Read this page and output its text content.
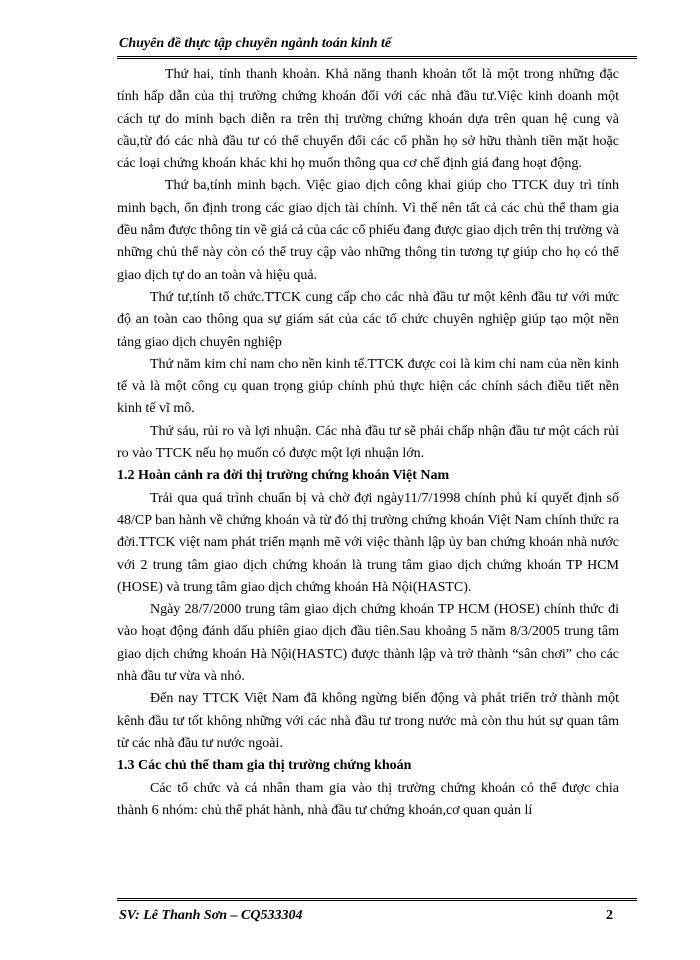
Chuyên đề thực tập chuyên ngành toán kinh tế

Thứ hai, tính thanh khoản. Khả năng thanh khoản tốt là một trong những đặc tính hấp dẫn của thị trường chứng khoán đối với các nhà đầu tư.Việc kinh doanh một cách tự do minh bạch diễn ra trên thị trường chứng khoán dựa trên quan hệ cung và cầu,từ đó các nhà đầu tư có thể chuyển đổi các cổ phần họ sở hữu thành tiền mặt hoặc các loại chứng khoán khác khi họ muốn thông qua cơ chế định giá đang hoạt động.

Thứ ba,tính minh bạch. Việc giao dịch công khai giúp cho TTCK duy trì tính minh bạch, ổn định trong các giao dịch tài chính. Vì thế nên tất cả các chủ thể tham gia đều nắm được thông tin về giá cả của các cổ phiếu đang được giao dịch trên thị trường và những chủ thể này còn có thể truy cập vào những thông tin tương tự giúp cho họ có thể giao dịch tự do an toàn và hiệu quả.

Thứ tư,tính tổ chức.TTCK cung cấp cho các nhà đầu tư một kênh đầu tư với mức độ an toàn cao thông qua sự giám sát của các tổ chức chuyên nghiệp giúp tạo một nền tảng giao dịch chuyên nghiệp

Thứ năm kim chỉ nam cho nền kinh tế.TTCK được coi là kim chỉ nam của nền kinh tế và là một công cụ quan trọng giúp chính phủ thực hiện các chính sách điều tiết nền kinh tế vĩ mô.

Thứ sáu, rủi ro và lợi nhuận. Các nhà đầu tư sẽ phải chấp nhận đầu tư một cách rủi ro vào TTCK nếu họ muốn có được một lợi nhuận lớn.

1.2 Hoàn cảnh ra đời thị trường chứng khoán Việt Nam

Trải qua quá trình chuẩn bị và chờ đợi ngày11/7/1998 chính phủ kí quyết định số 48/CP ban hành về chứng khoán và từ đó thị trường chứng khoán Việt Nam chính thức ra đời.TTCK việt nam phát triển mạnh mẽ với việc thành lập ủy ban chứng khoán nhà nước với 2 trung tâm giao dịch chứng khoán là trung tâm giao dịch chứng khoán TP HCM (HOSE) và trung tâm giao dịch chứng khoán Hà Nội(HASTC).

Ngày 28/7/2000 trung tâm giao dịch chứng khoán TP HCM (HOSE) chính thức đi vào hoạt động đánh dấu phiên giao dịch đầu tiên.Sau khoảng 5 năm 8/3/2005 trung tâm giao dịch chứng khoán Hà Nội(HASTC) được thành lập và trở thành “sân chơi” cho các nhà đầu tư vừa và nhỏ.

Đến nay TTCK Việt Nam đã không ngừng biến động và phát triển trở thành một kênh đầu tư tốt không những với các nhà đầu tư trong nước mà còn thu hút sự quan tâm từ các nhà đầu tư nước ngoài.

1.3 Các chủ thể tham gia thị trường chứng khoán

Các tổ chức và cá nhân tham gia vào thị trường chứng khoán có thể được chia thành 6 nhóm: chủ thể phát hành, nhà đầu tư chứng khoán,cơ quan quản lí

SV: Lê Thanh Sơn – CQ533304	2
